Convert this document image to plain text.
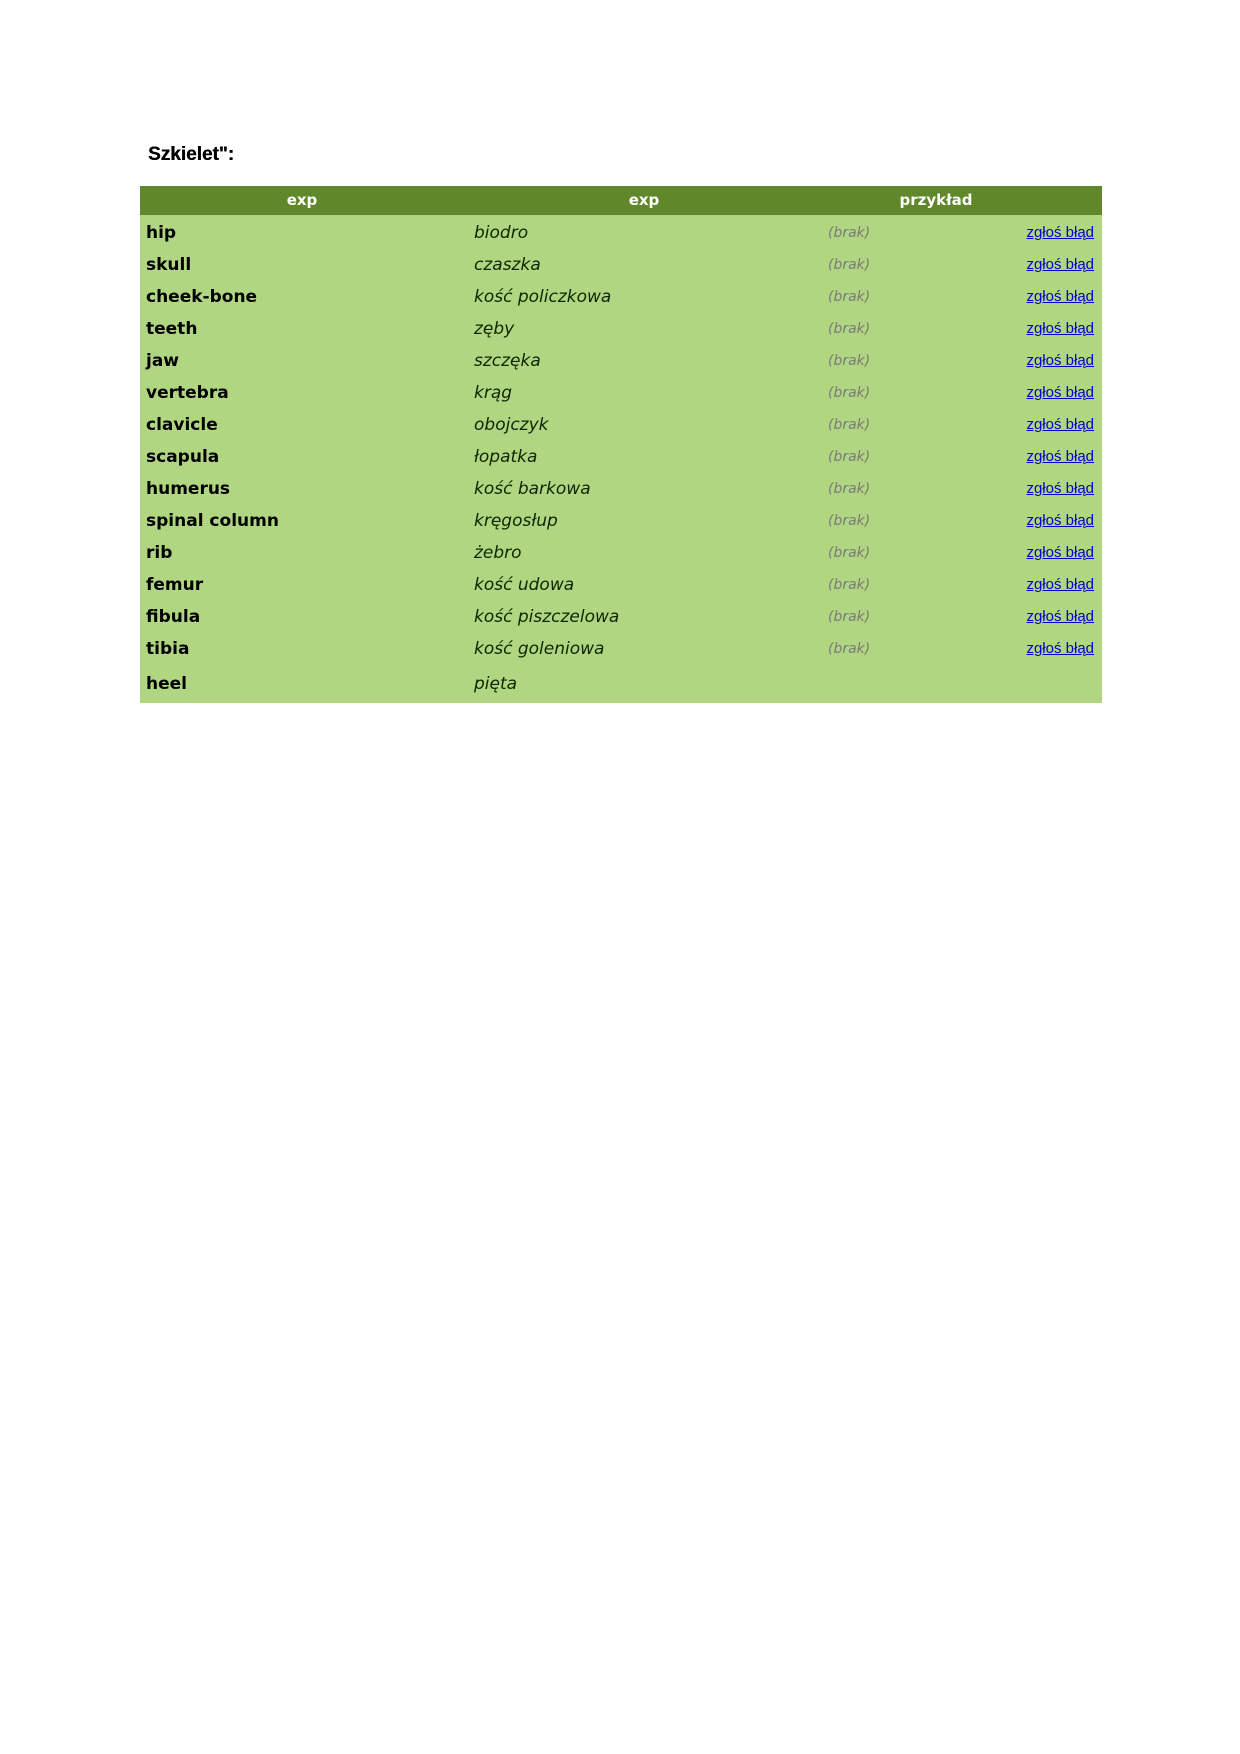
Szkielet":
exp	exp	przykład
hip	biodro	(brak)	zgłoś błąd
skull	czaszka	(brak)	zgłoś błąd
cheek-bone	kość policzkowa	(brak)	zgłoś błąd
teeth	zęby	(brak)	zgłoś błąd
jaw	szczęka	(brak)	zgłoś błąd
vertebra	krąg	(brak)	zgłoś błąd
clavicle	obojczyk	(brak)	zgłoś błąd
scapula	łopatka	(brak)	zgłoś błąd
humerus	kość barkowa	(brak)	zgłoś błąd
spinal column	kręgosłup	(brak)	zgłoś błąd
rib	żebro	(brak)	zgłoś błąd
femur	kość udowa	(brak)	zgłoś błąd
fibula	kość piszczelowa	(brak)	zgłoś błąd
tibia	kość goleniowa	(brak)	zgłoś błąd
heel	pięta
